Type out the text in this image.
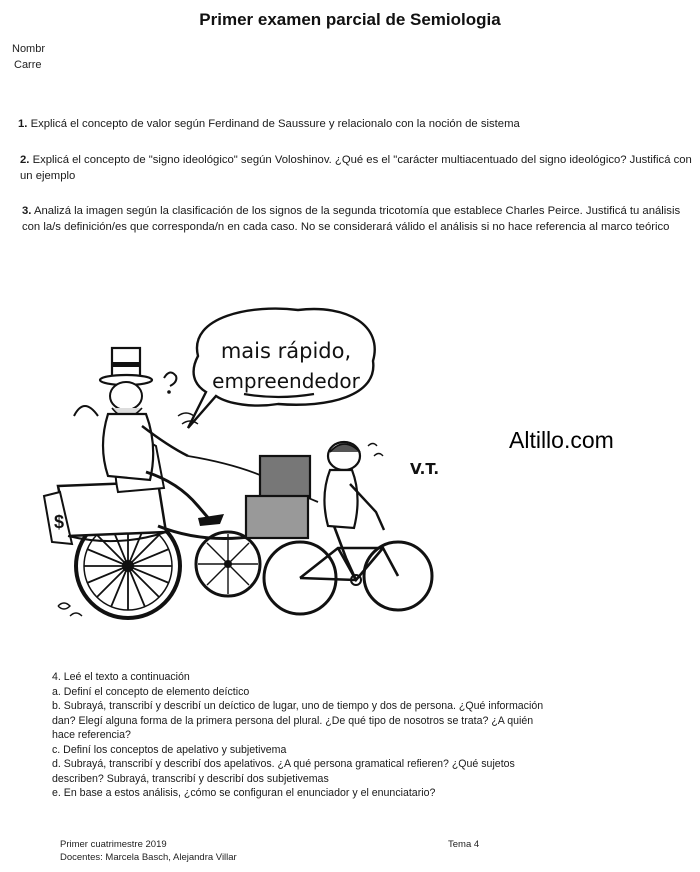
Primer examen parcial de Semiologia
Nombr
Carre
1. Explicá el concepto de valor según Ferdinand de Saussure y relacionalo con la noción de sistema
2. Explicá el concepto de "signo ideológico" según Voloshinov. ¿Qué es el "carácter multiacentuado del signo ideológico? Justificá con un ejemplo
3. Analizá la imagen según la clasificación de los signos de la segunda tricotomía que establece Charles Peirce. Justificá tu análisis con la/s definición/es que corresponda/n en cada caso. No se considerará válido el análisis si no hace referencia al marco teórico
Altillo.com
mais rápido,
empreendedor
$
V.T.
4. Leé el texto a continuación
a. Definí el concepto de elemento deíctico
b. Subrayá, transcribí y describí un deíctico de lugar, uno de tiempo y dos de persona. ¿Qué información
dan? Elegí alguna forma de la primera persona del plural. ¿De qué tipo de nosotros se trata? ¿A quién
hace referencia?
c. Definí los conceptos de apelativo y subjetivema
d. Subrayá, transcribí y describí dos apelativos. ¿A qué persona gramatical refieren? ¿Qué sujetos
describen? Subrayá, transcribí y describí dos subjetivemas
e. En base a estos análisis, ¿cómo se configuran el enunciador y el enunciatario?
Primer cuatrimestre 2019
Docentes: Marcela Basch, Alejandra Villar
Tema 4
